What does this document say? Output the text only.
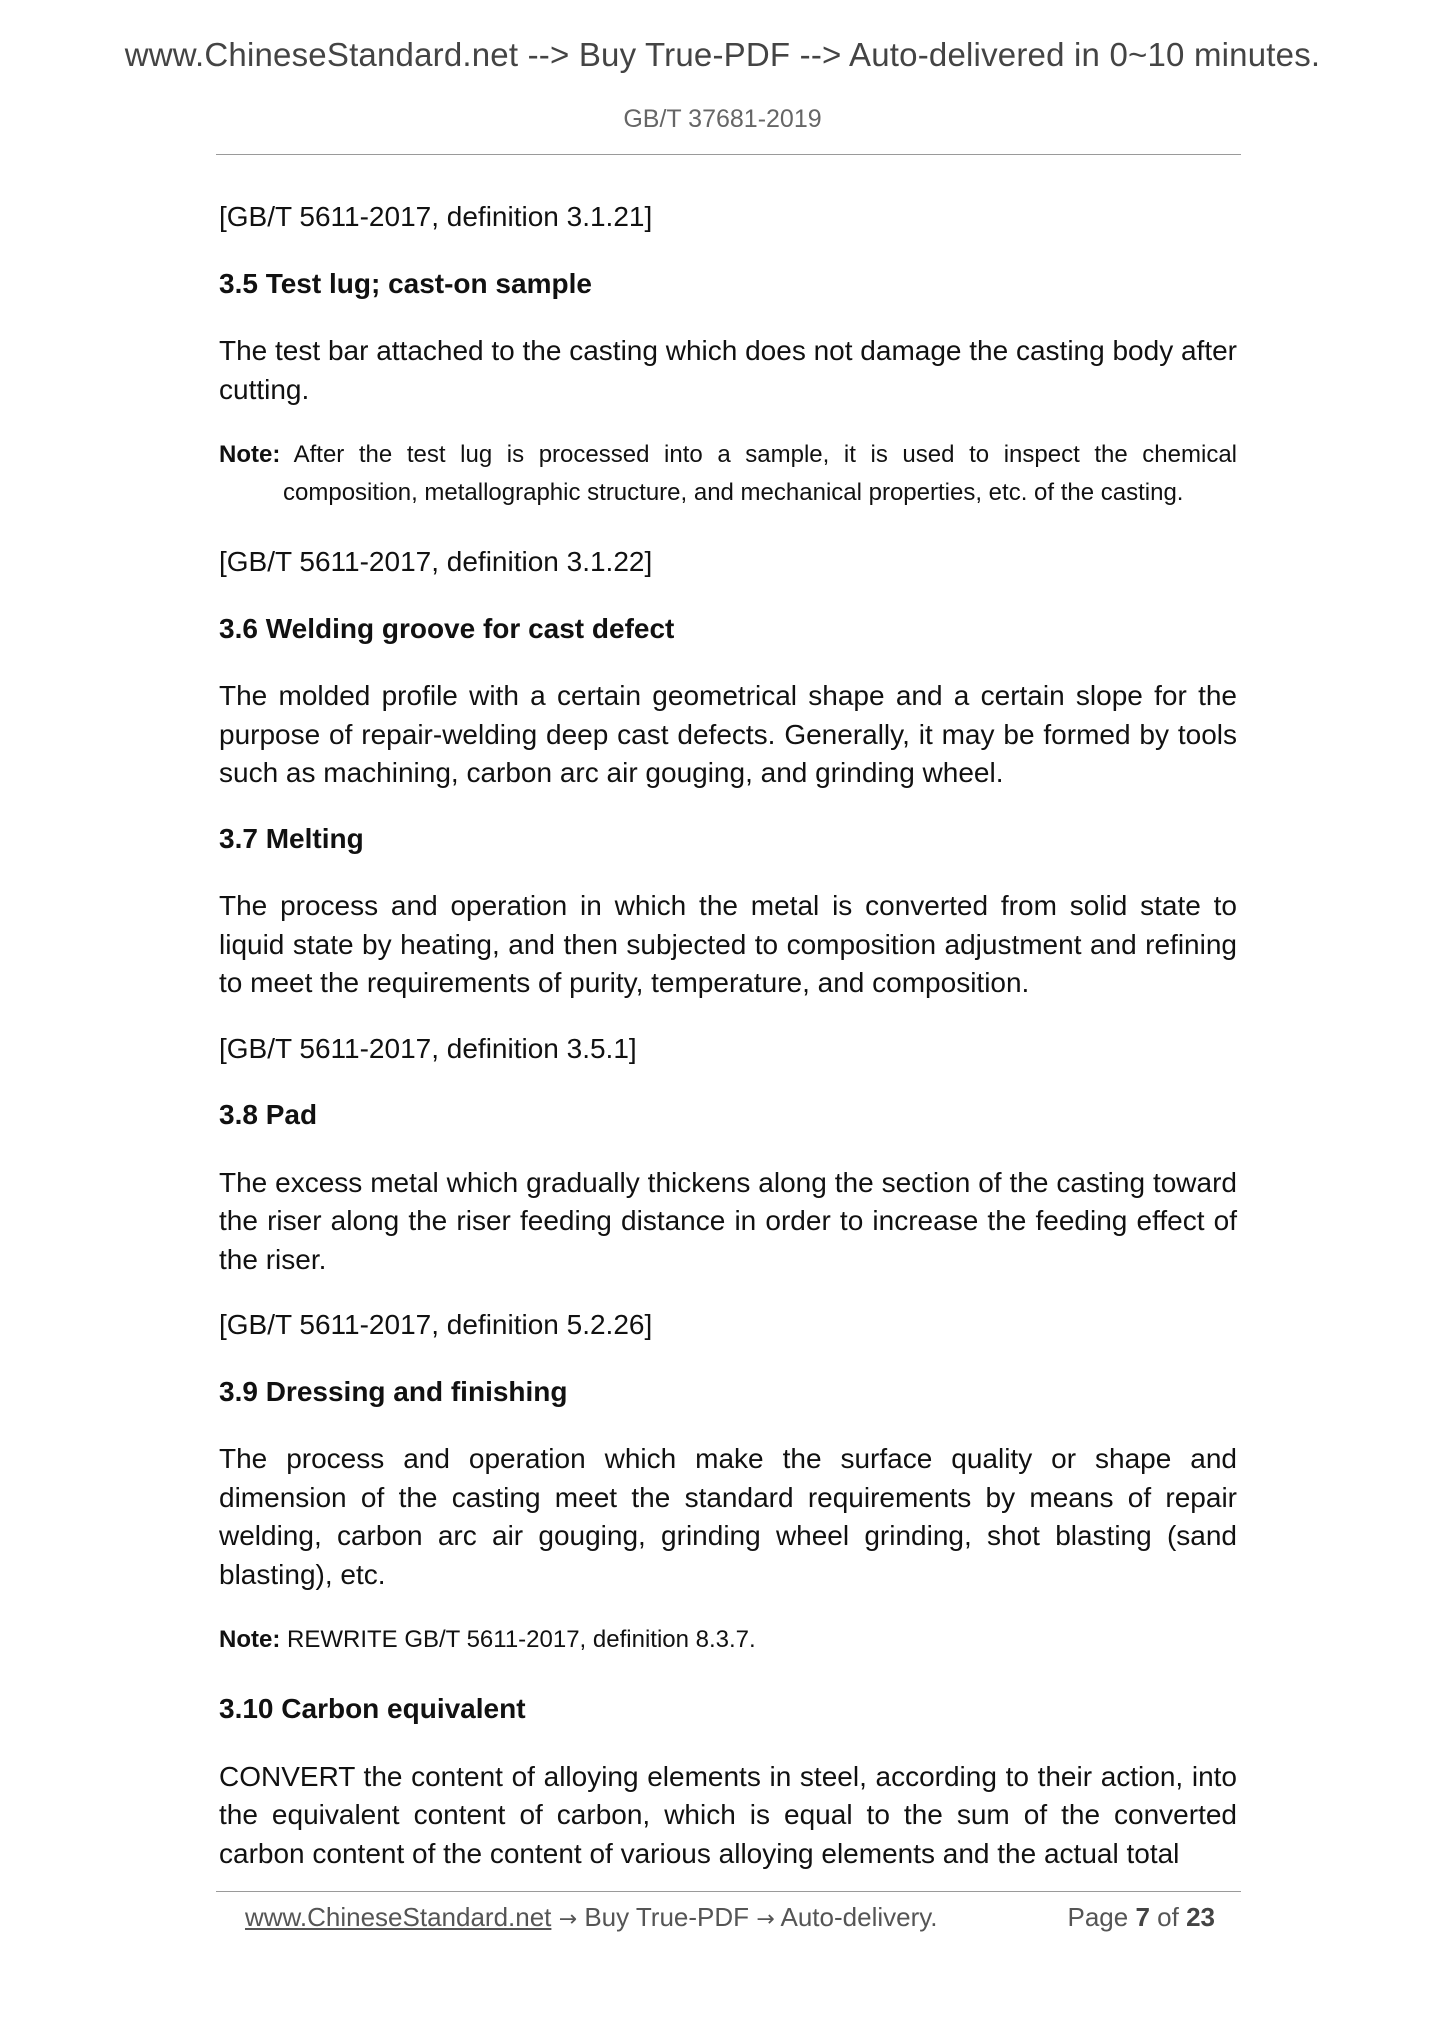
www.ChineseStandard.net --> Buy True-PDF --> Auto-delivered in 0~10 minutes.
GB/T 37681-2019

[GB/T 5611-2017, definition 3.1.21]

3.5 Test lug; cast-on sample

The test bar attached to the casting which does not damage the casting body after cutting.

Note: After the test lug is processed into a sample, it is used to inspect the chemical
composition, metallographic structure, and mechanical properties, etc. of the casting.

[GB/T 5611-2017, definition 3.1.22]

3.6 Welding groove for cast defect

The molded profile with a certain geometrical shape and a certain slope for the purpose of repair-welding deep cast defects. Generally, it may be formed by tools such as machining, carbon arc air gouging, and grinding wheel.

3.7 Melting

The process and operation in which the metal is converted from solid state to liquid state by heating, and then subjected to composition adjustment and refining to meet the requirements of purity, temperature, and composition.

[GB/T 5611-2017, definition 3.5.1]

3.8 Pad

The excess metal which gradually thickens along the section of the casting toward the riser along the riser feeding distance in order to increase the feeding effect of the riser.

[GB/T 5611-2017, definition 5.2.26]

3.9 Dressing and finishing

The process and operation which make the surface quality or shape and dimension of the casting meet the standard requirements by means of repair welding, carbon arc air gouging, grinding wheel grinding, shot blasting (sand blasting), etc.

Note: REWRITE GB/T 5611-2017, definition 8.3.7.

3.10 Carbon equivalent

CONVERT the content of alloying elements in steel, according to their action, into the equivalent content of carbon, which is equal to the sum of the converted carbon content of the content of various alloying elements and the actual total

www.ChineseStandard.net → Buy True-PDF → Auto-delivery.	Page 7 of 23
